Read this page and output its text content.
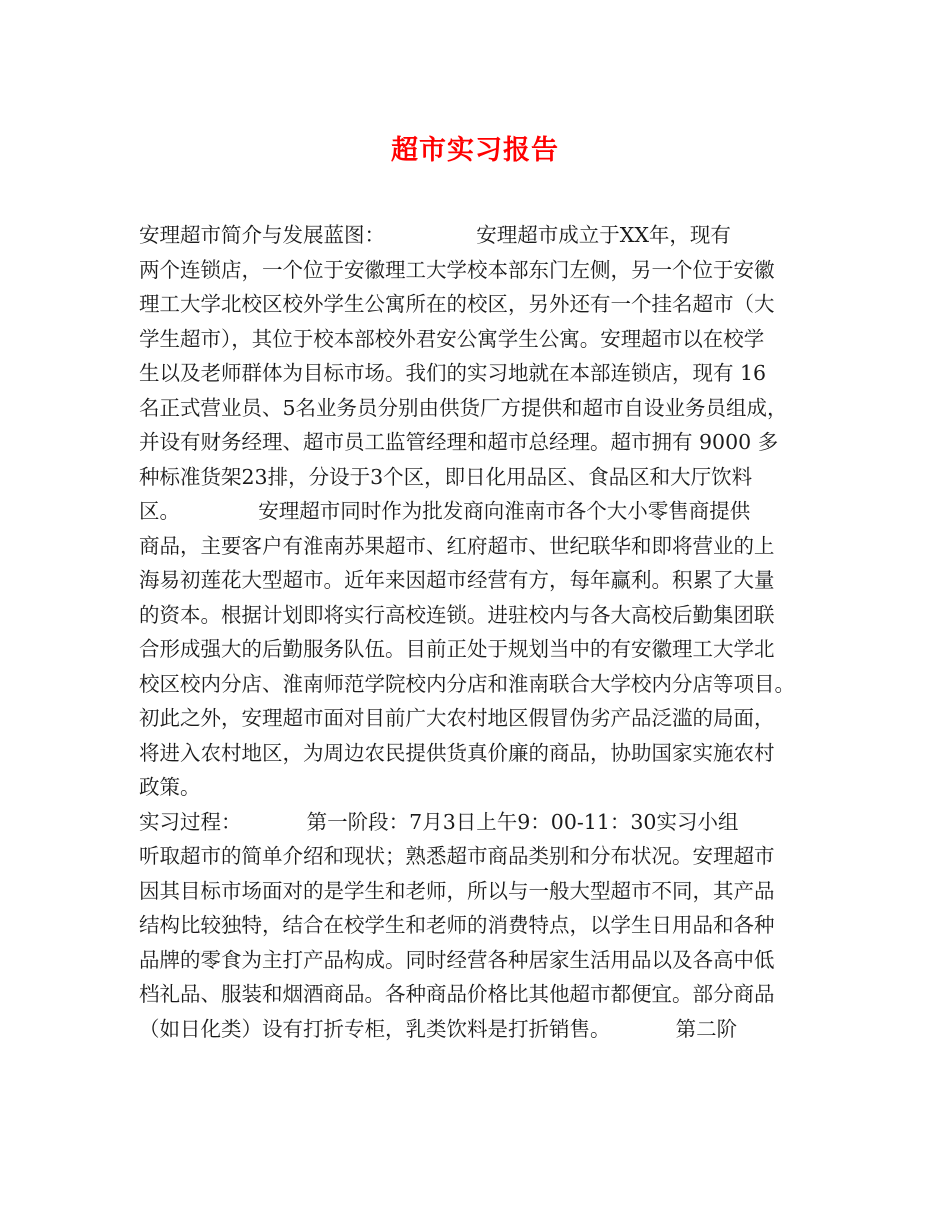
超市实习报告
安理超市简介与发展蓝图：              安理超市成立于XX年，现有
两个连锁店，一个位于安徽理工大学校本部东门左侧，另一个位于安徽
理工大学北校区校外学生公寓所在的校区，另外还有一个挂名超市（大
学生超市），其位于校本部校外君安公寓学生公寓。安理超市以在校学
生以及老师群体为目标市场。我们的实习地就在本部连锁店，现有 16
名正式营业员、5名业务员分别由供货厂方提供和超市自设业务员组成，
并设有财务经理、超市员工监管经理和超市总经理。超市拥有 9000 多
种标准货架23排，分设于3个区，即日化用品区、食品区和大厅饮料
区。            安理超市同时作为批发商向淮南市各个大小零售商提供
商品，主要客户有淮南苏果超市、红府超市、世纪联华和即将营业的上
海易初莲花大型超市。近年来因超市经营有方，每年赢利。积累了大量
的资本。根据计划即将实行高校连锁。进驻校内与各大高校后勤集团联
合形成强大的后勤服务队伍。目前正处于规划当中的有安徽理工大学北
校区校内分店、淮南师范学院校内分店和淮南联合大学校内分店等项目。
初此之外，安理超市面对目前广大农村地区假冒伪劣产品泛滥的局面，
将进入农村地区，为周边农民提供货真价廉的商品，协助国家实施农村
政策。
实习过程：          第一阶段：7月3日上午9：00-11：30实习小组
听取超市的简单介绍和现状；熟悉超市商品类别和分布状况。安理超市
因其目标市场面对的是学生和老师，所以与一般大型超市不同，其产品
结构比较独特，结合在校学生和老师的消费特点，以学生日用品和各种
品牌的零食为主打产品构成。同时经营各种居家生活用品以及各高中低
档礼品、服装和烟酒商品。各种商品价格比其他超市都便宜。部分商品
（如日化类）设有打折专柜，乳类饮料是打折销售。          第二阶
